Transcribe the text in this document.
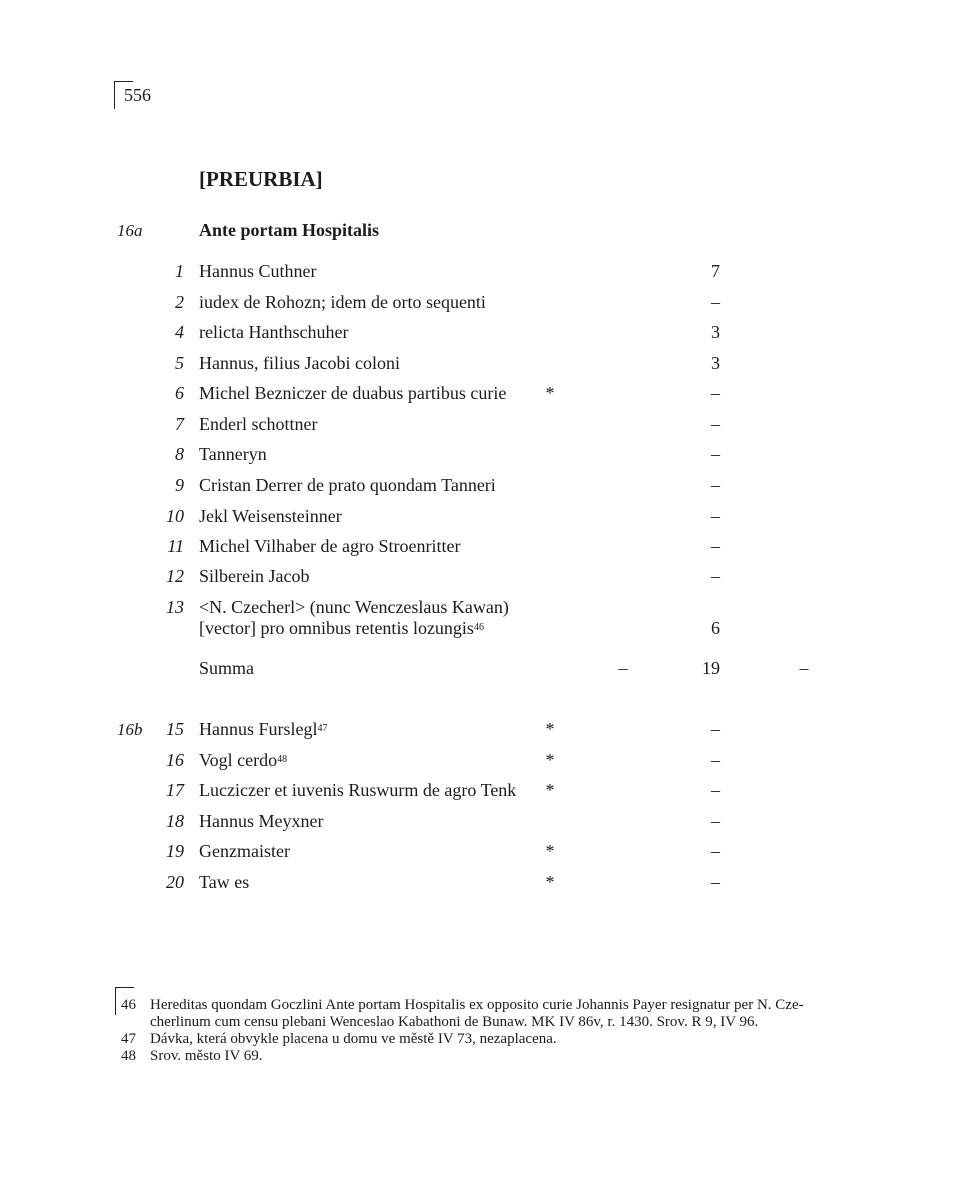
556
[PREURBIA]
16a	Ante portam Hospitalis
1 Hannus Cuthner	7
2 iudex de Rohozn; idem de orto sequenti	–
4 relicta Hanthschuher	3
5 Hannus, filius Jacobi coloni	3
6 Michel Bezniczer de duabus partibus curie *	–
7 Enderl schottner	–
8 Tanneryn	–
9 Cristan Derrer de prato quondam Tanneri	–
10 Jekl Weisensteinner	–
11 Michel Vilhaber de agro Stroenritter	–
12 Silberein Jacob	–
13 <N. Czecherl> (nunc Wenczeslaus Kawan)
[vector] pro omnibus retentis lozungis$^{46}$	6
Summa	–	19	–
16b	15 Hannus Furslegl$^{47}$	*	–
16 Vogl cerdo$^{48}$	*	–
17 Lucziczer et iuvenis Ruswurm de agro Tenk *	–
18 Hannus Meyxner	–
19 Genzmaister	*	–
20 Taw es	*	–
46 Hereditas quondam Goczlini Ante portam Hospitalis ex opposito curie Johannis Payer resignatur per N. Cze-cherlinum cum censu plebani Wenceslao Kabathoni de Bunaw. MK IV 86v, r. 1430. Srov. R 9, IV 96.
47 Dávka, která obvykle placena u domu ve městě IV 73, nezaplacena.
48 Srov. město IV 69.
